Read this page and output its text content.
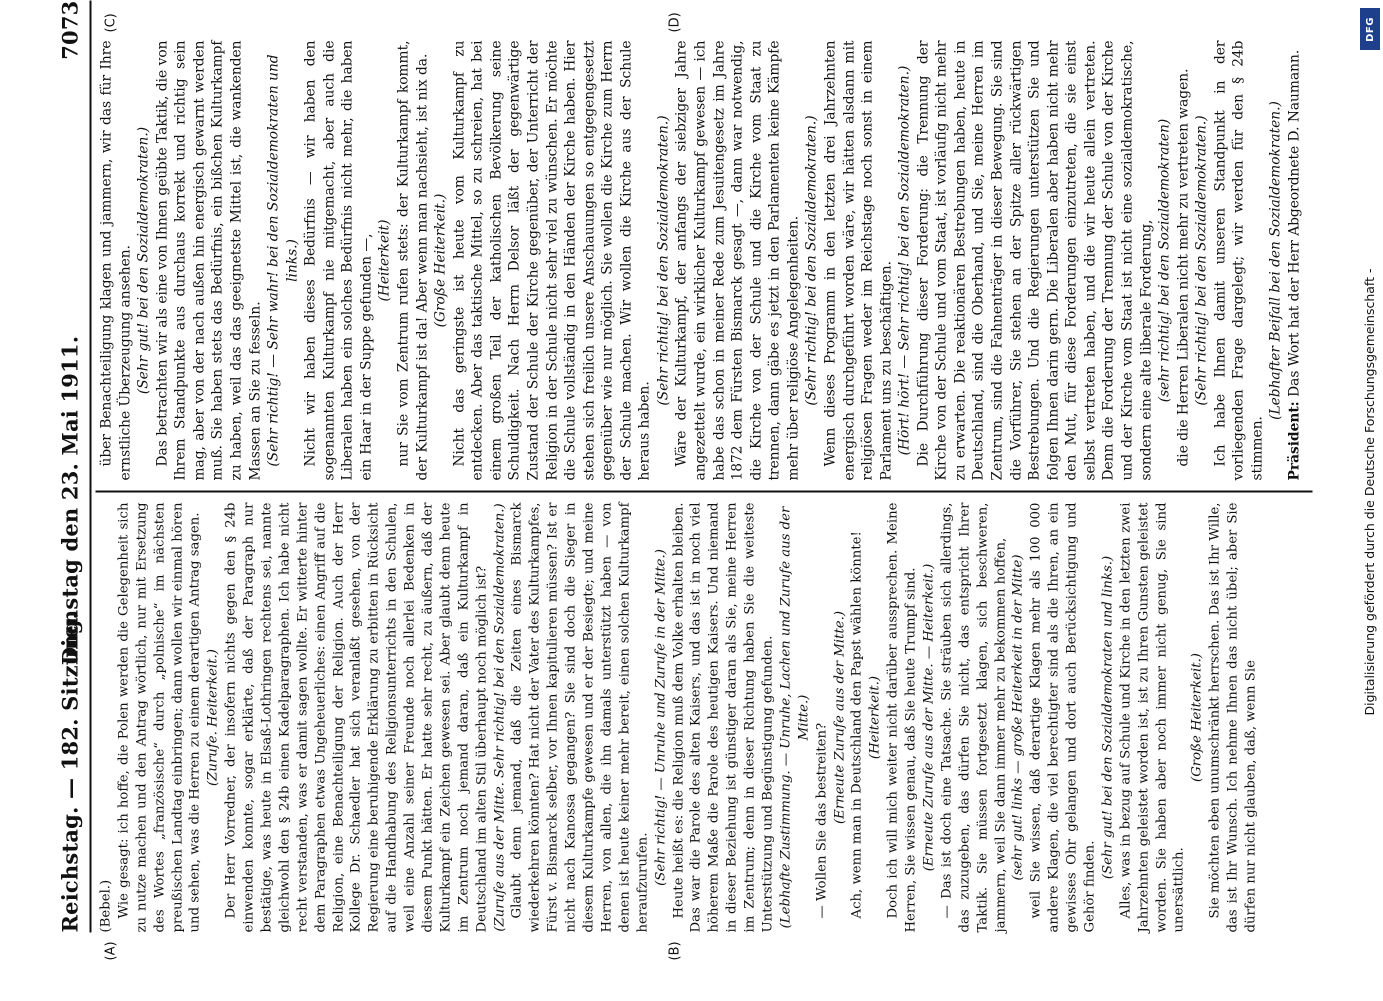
Reichstag. — 182. Sitzung.
Dienstag den 23. Mai 1911.
7073
(A)	(B)
(C)	(D)

(Bebel.) Wie gesagt: ich hoffe, die Polen werden die Gelegenheit sich zu nutze machen und den Antrag wörtlich, nur mit Ersetzung des Wortes „französische“ durch „polnische“ im nächsten preußischen Landtag einbringen; dann wollen wir einmal hören und sehen, was die Herren zu einem derartigen Antrag sagen. (Zurufe. Heiterkeit.) Der Herr Vorredner, der insofern nichts gegen den § 24b einwenden konnte, sogar erklärte, daß der Paragraph nur bestätige, was heute in Elsaß-Lothringen rechtens sei, nannte gleichwohl den § 24b einen Kadelparagraphen. Ich habe nicht recht verstanden, was er damit sagen wollte. Er witterte hinter dem Paragraphen etwas Ungeheuerliches: einen Angriff auf die Religion, eine Benachteiligung der Religion. Auch der Herr Kollege Dr. Schaedler hat sich veranlaßt gesehen, von der Regierung eine beruhigende Erklärung zu erbitten in Rücksicht auf die Handhabung des Religionsunterrichts in den Schulen, weil eine Anzahl seiner Freunde noch allerlei Bedenken in diesem Punkt hätten. Er hatte sehr recht, zu äußern, daß der Kulturkampf ein Zeichen gewesen sei. Aber glaubt denn heute im Zentrum noch jemand daran, daß ein Kulturkampf in Deutschland im alten Stil überhaupt noch möglich ist? (Zurufe aus der Mitte. Sehr richtig! bei den Sozialdemokraten.) Glaubt denn jemand, daß die Zeiten eines Bismarck wiederkehren könnten? Hat nicht der Vater des Kulturkampfes, Fürst v. Bismarck selber, vor Ihnen kapitulieren müssen? Ist er nicht nach Kanossa gegangen? Sie sind doch die Sieger in diesem Kulturkampfe gewesen und er der Besiegte; und meine Herren, von allen, die ihn damals unterstützt haben — von denen ist heute keiner mehr bereit, einen solchen Kulturkampf heraufzurufen. (Sehr richtig! — Unruhe und Zurufe in der Mitte.) Heute heißt es: die Religion muß dem Volke erhalten bleiben. Das war die Parole des alten Kaisers, und das ist in noch viel höherem Maße die Parole des heutigen Kaisers. Und niemand in dieser Beziehung ist günstiger daran als Sie, meine Herren im Zentrum; denn in dieser Richtung haben Sie die weiteste Unterstützung und Begünstigung gefunden. (Lebhafte Zustimmung. — Unruhe, Lachen und Zurufe aus der Mitte.)

— Wollen Sie das bestreiten? (Erneute Zurufe aus der Mitte.) Ach, wenn man in Deutschland den Papst wählen könnte! (Heiterkeit.) Doch ich will mich weiter nicht darüber aussprechen. Meine Herren, Sie wissen genau, daß Sie heute Trumpf sind. (Erneute Zurufe aus der Mitte. — Heiterkeit.) — Das ist doch eine Tatsache. Sie sträuben sich allerdings, das zuzugeben, das dürfen Sie nicht, das entspricht Ihrer Taktik. Sie müssen fortgesetzt klagen, sich beschweren, jammern, weil Sie dann immer mehr zu bekommen hoffen, (sehr gut! links — große Heiterkeit in der Mitte) weil Sie wissen, daß derartige Klagen mehr als 100 000 andere Klagen, die viel berechtigter sind als die Ihren, an ein gewisses Ohr gelangen und dort auch Berücksichtigung und Gehör finden.

(Sehr gut! bei den Sozialdemokraten und links.) Alles, was in bezug auf Schule und Kirche in den letzten zwei Jahrzehnten geleistet worden ist, ist zu Ihren Gunsten geleistet worden. Sie haben aber noch immer nicht genug, Sie sind unersättlich.

(Große Heiterkeit.) Sie möchten eben unumschränkt herrschen. Das ist Ihr Wille, das ist Ihr Wunsch. Ich nehme Ihnen das nicht übel; aber Sie dürfen nur nicht glauben, daß, wenn Sie

über Benachteiligung klagen und jammern, wir das für Ihre ernstliche Überzeugung ansehen. (Sehr gut! bei den Sozialdemokraten.) Das betrachten wir als eine von Ihnen geübte Taktik, die von Ihrem Standpunkte aus durchaus korrekt und richtig sein mag, aber von der nach außen hin energisch gewarnt werden muß. Sie haben stets das Bedürfnis, ein bißchen Kulturkampf zu haben, weil das das geeignetste Mittel ist, die wankenden Massen an Sie zu fesseln. (Sehr richtig! — Sehr wahr! bei den Sozialdemokraten und links.) Nicht wir haben dieses Bedürfnis — wir haben den sogenannten Kulturkampf nie mitgemacht, aber auch die Liberalen haben ein solches Bedürfnis nicht mehr, die haben ein Haar in der Suppe gefunden —, (Heiterkeit) nur Sie vom Zentrum rufen stets: der Kulturkampf kommt, der Kulturkampf ist da! Aber wenn man nachsieht, ist nix da. (Große Heiterkeit.) Nicht das geringste ist heute vom Kulturkampf zu entdecken. Aber das taktische Mittel, so zu schreien, hat bei einem großen Teil der katholischen Bevölkerung seine Schuldigkeit. Nach Herrn Delsor läßt der gegenwärtige Zustand der Schule der Kirche gegenüber, der Unterricht der Religion in der Schule nicht sehr viel zu wünschen. Er möchte die Schule vollständig in den Händen der Kirche haben. Hier stehen sich freilich unsere Anschauungen so entgegengesetzt gegenüber wie nur möglich. Sie wollen die Kirche zum Herrn der Schule machen. Wir wollen die Kirche aus der Schule heraus haben.

(Sehr richtig! bei den Sozialdemokraten.) Wäre der Kulturkampf, der anfangs der siebziger Jahre angezettelt wurde, ein wirklicher Kulturkampf gewesen — ich habe das schon in meiner Rede zum Jesuitengesetz im Jahre 1872 dem Fürsten Bismarck gesagt —, dann war notwendig, die Kirche von der Schule und die Kirche vom Staat zu trennen, dann gäbe es jetzt in den Parlamenten keine Kämpfe mehr über religiöse Angelegenheiten. (Sehr richtig! bei den Sozialdemokraten.) Wenn dieses Programm in den letzten drei Jahrzehnten energisch durchgeführt worden wäre, wir hätten alsdann mit religiösen Fragen weder im Reichstage noch sonst in einem Parlament uns zu beschäftigen. (Hört! hört! — Sehr richtig! bei den Sozialdemokraten.) Die Durchführung dieser Forderung: die Trennung der Kirche von der Schule und vom Staat, ist vorläufig nicht mehr zu erwarten. Die reaktionären Bestrebungen haben, heute in Deutschland, sind die Oberhand, und Sie, meine Herren im Zentrum, sind die Fahnenträger in dieser Bewegung. Sie sind die Vorführer, Sie stehen an der Spitze aller rückwärtigen Bestrebungen. Und die Regierungen unterstützen Sie und folgen Ihnen darin gern. Die Liberalen aber haben nicht mehr den Mut, für diese Forderungen einzutreten, die sie einst selbst vertreten haben, und die wir heute allein vertreten. Denn die Forderung der Trennung der Schule von der Kirche und der Kirche vom Staat ist nicht eine sozialdemokratische, sondern eine alte liberale Forderung, (sehr richtig! bei den Sozialdemokraten) die die Herren Liberalen nicht mehr zu vertreten wagen. (Sehr richtig! bei den Sozialdemokraten.) Ich habe Ihnen damit unseren Standpunkt in der vorliegenden Frage dargelegt; wir werden für den § 24b stimmen.

(Lebhafter Beifall bei den Sozialdemokraten.)

Präsident: Das Wort hat der Herr Abgeordnete D. Naumann.

DFG
Digitalisierung gefördert durch die Deutsche Forschungsgemeinschaft -
